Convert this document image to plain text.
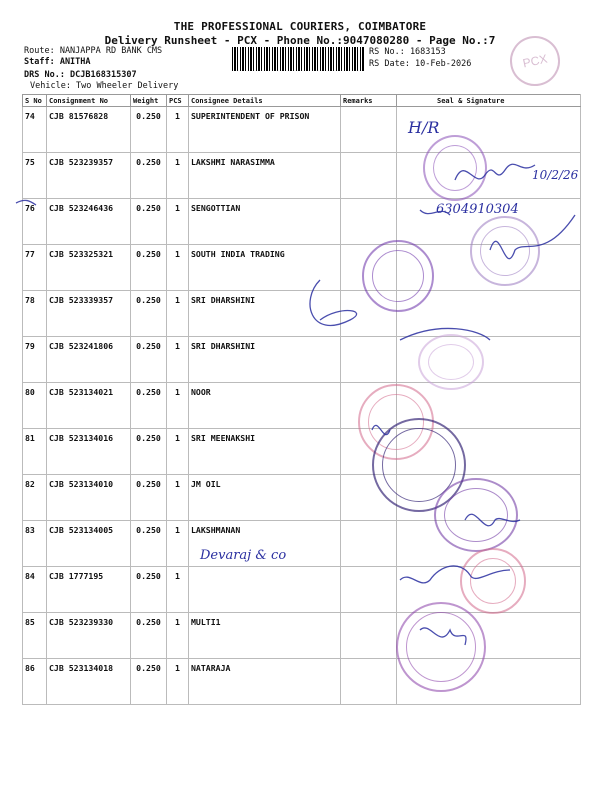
THE PROFESSIONAL COURIERS, COIMBATORE
Delivery Runsheet - PCX - Phone No.:9047080280 - Page No.:7
PCX
Route: NANJAPPA RD BANK CMS
Staff: ANITHA
DRS No.: DCJB168315307
Vehicle: Two Wheeler Delivery
RS No.: 1683153
RS Date: 10-Feb-2026
S No	Consignment No	Weight	PCS	Consignee Details	Remarks	Seal & Signature
74	CJB 81576828	0.250	1	SUPERINTENDENT OF PRISON		
75	CJB 523239357	0.250	1	LAKSHMI NARASIMMA		
76	CJB 523246436	0.250	1	SENGOTTIAN		
77	CJB 523325321	0.250	1	SOUTH INDIA TRADING		
78	CJB 523339357	0.250	1	SRI DHARSHINI		
79	CJB 523241806	0.250	1	SRI DHARSHINI		
80	CJB 523134021	0.250	1	NOOR		
81	CJB 523134016	0.250	1	SRI MEENAKSHI		
82	CJB 523134010	0.250	1	JM OIL		
83	CJB 523134005	0.250	1	LAKSHMANAN		
84	CJB 1777195	0.250	1			
85	CJB 523239330	0.250	1	MULTI1		
86	CJB 523134018	0.250	1	NATARAJA		
H/R
10/2/26
6304910304
Devaraj & co
